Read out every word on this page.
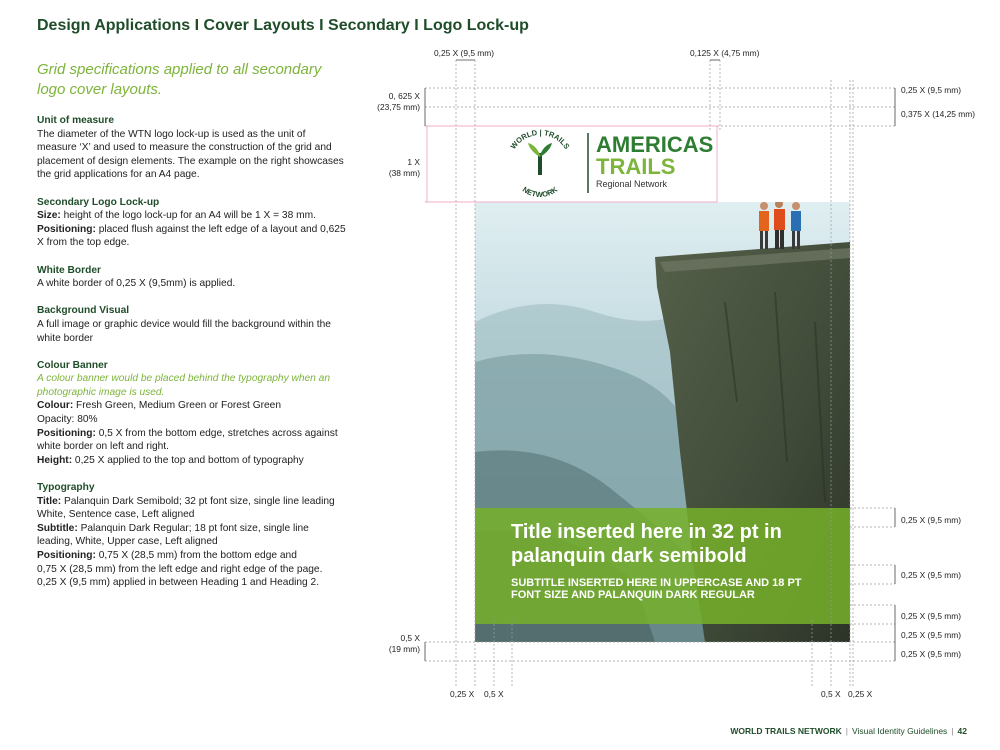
Design Applications I Cover Layouts I Secondary I Logo Lock-up
Grid specifications applied to all secondary logo cover layouts.
Unit of measure
The diameter of the WTN logo lock-up is used as the unit of measure ‘X’ and used to measure the construction of the grid and placement of design elements. The example on the right showcases the grid applications for an A4 page.
Secondary Logo Lock-up
Size: height of the logo lock-up for an A4 will be 1 X = 38 mm.
Positioning: placed flush against the left edge of a layout and 0,625 X from the top edge.
White Border
A white border of 0,25 X (9,5mm) is applied.
Background Visual
A full image or graphic device would fill the background within the white border
Colour Banner
A colour banner would be placed behind the typography when an photographic image is used.
Colour: Fresh Green, Medium Green or Forest Green
Opacity: 80%
Positioning: 0,5 X from the bottom edge, stretches across against white border on left and right.
Height: 0,25 X applied to the top and bottom of typography
Typography
Title: Palanquin Dark Semibold; 32 pt font size, single line leading White, Sentence case, Left aligned
Subtitle: Palanquin Dark Regular; 18 pt font size, single line leading, White, Upper case, Left aligned
Positioning: 0,75 X (28,5 mm) from the bottom edge and
0,75 X (28,5 mm) from the left edge and right edge of the page.
0,25 X (9,5 mm) applied in between Heading 1 and Heading 2.
Title inserted here in 32 pt in palanquin dark semibold
SUBTITLE INSERTED HERE IN UPPERCASE AND 18 PT FONT SIZE AND PALANQUIN DARK REGULAR
WORLD | TRAILS
NETWORK
AMERICAS
TRAILS
Regional Network
0,25 X (9,5 mm)	0,125 X (4,75 mm)
0, 625 X
(23,75 mm)
1 X
(38 mm)
0,5 X
(19 mm)
0,25 X (9,5 mm)
0,375 X (14,25 mm)
0,25 X (9,5 mm)
0,25 X (9,5 mm)
0,25 X (9,5 mm)
0,25 X (9,5 mm)
0,25 X (9,5 mm)
0,25 X 0,5 X	0,5 X 0,25 X
WORLD TRAILS NETWORK | Visual Identity Guidelines | 42
